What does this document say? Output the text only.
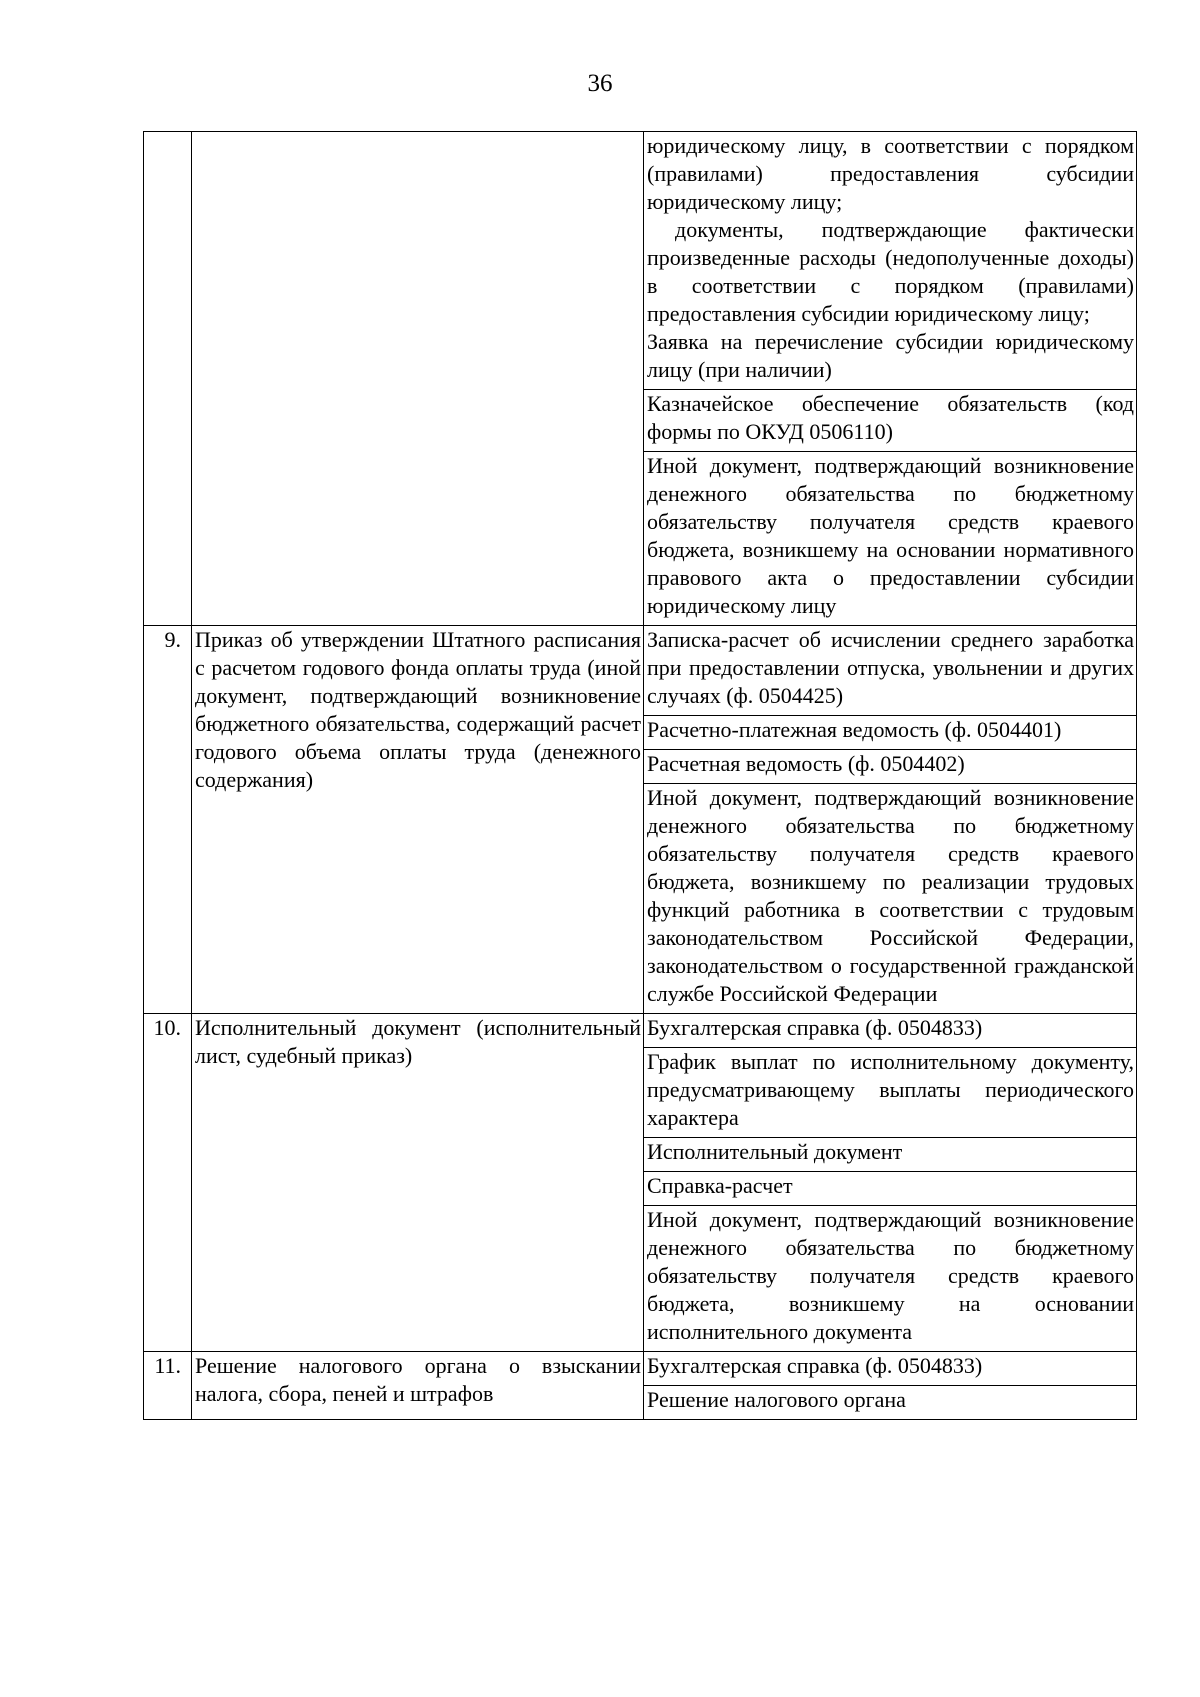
36

		юридическому лицу, в соответствии с порядком (правилами) предоставления субсидии юридическому лицу;
документы, подтверждающие фактически произведенные расходы (недополученные доходы) в соответствии с порядком (правилами) предоставления субсидии юридическому лицу;
Заявка на перечисление субсидии юридическому лицу (при наличии)

		Казначейское обеспечение обязательств (код формы по ОКУД 0506110)
		Иной документ, подтверждающий возникновение денежного обязательства по бюджетному обязательству получателя средств краевого бюджета, возникшему на основании нормативного правового акта о предоставлении субсидии юридическому лицу
9.	Приказ об утверждении Штатного расписания с расчетом годового фонда оплаты труда (иной документ, подтверждающий возникновение бюджетного обязательства, содержащий расчет годового объема оплаты труда (денежного содержания)	Записка-расчет об исчислении среднего заработка при предоставлении отпуска, увольнении и других случаях (ф. 0504425)
		Расчетно-платежная ведомость (ф. 0504401)
		Расчетная ведомость (ф. 0504402)
		Иной документ, подтверждающий возникновение денежного обязательства по бюджетному обязательству получателя средств краевого бюджета, возникшему по реализации трудовых функций работника в соответствии с трудовым законодательством Российской Федерации, законодательством о государственной гражданской службе Российской Федерации
10.	Исполнительный документ (исполнительный лист, судебный приказ)	Бухгалтерская справка (ф. 0504833)
		График выплат по исполнительному документу, предусматривающему выплаты периодического характера
		Исполнительный документ
		Справка-расчет
		Иной документ, подтверждающий возникновение денежного обязательства по бюджетному обязательству получателя средств краевого бюджета, возникшему на основании исполнительного документа
11.	Решение налогового органа о взыскании налога, сбора, пеней и штрафов	Бухгалтерская справка (ф. 0504833)
		Решение налогового органа
